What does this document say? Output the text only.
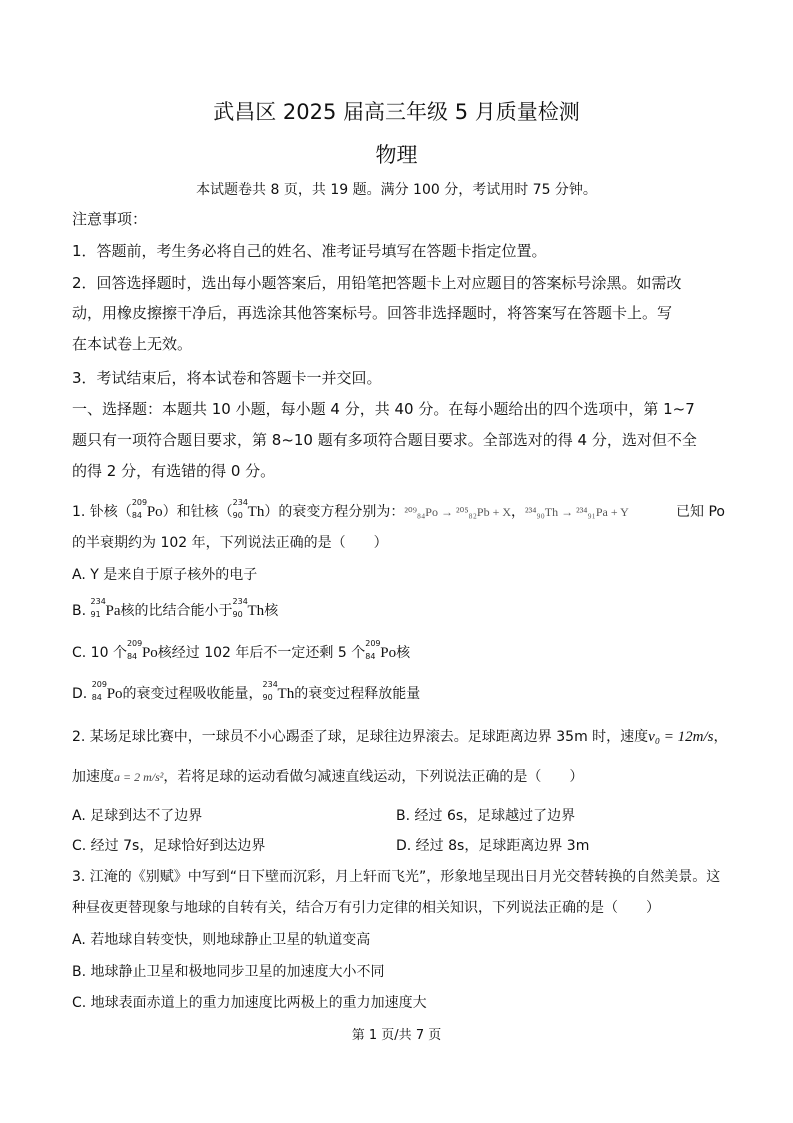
武昌区 2025 届高三年级 5 月质量检测
物理
本试题卷共 8 页，共 19 题。满分 100 分，考试用时 75 分钟。
注意事项：
1．答题前，考生务必将自己的姓名、准考证号填写在答题卡指定位置。
2．回答选择题时，选出每小题答案后，用铅笔把答题卡上对应题目的答案标号涂黑。如需改
动，用橡皮擦擦干净后，再选涂其他答案标号。回答非选择题时，将答案写在答题卡上。写
在本试卷上无效。
3．考试结束后，将本试卷和答题卡一并交回。
一、选择题：本题共 10 小题，每小题 4 分，共 40 分。在每小题给出的四个选项中，第 1~7
题只有一项符合题目要求，第 8~10 题有多项符合题目要求。全部选对的得 4 分，选对但不全
的得 2 分，有选错的得 0 分。
1. 钋核（
209
84 Po）和钍核（
234
90 Th）的衰变方程分别为：²⁰⁹₈₄Po → ²⁰⁵₈₂Pb + X，²³⁴₉₀Th → ²³⁴₉₁Pa + Y	已知 Po
的半衰期约为 102 年，下列说法正确的是（　　）
A. Y 是来自于原子核外的电子
B.
234
91 Pa核的比结合能小于
234
90 Th核
C. 10 个
209
84 Po核经过 102 年后不一定还剩 5 个
209
84 Po核
D.
209
84 Po的衰变过程吸收能量，
234
90 Th的衰变过程释放能量
2. 某场足球比赛中，一球员不小心踢歪了球，足球往边界滚去。足球距离边界 35m 时，速度v₀ = 12m/s，
加速度a = 2 m/s²，若将足球的运动看做匀减速直线运动，下列说法正确的是（　　）
A. 足球到达不了边界	B. 经过 6s，足球越过了边界
C. 经过 7s，足球恰好到达边界	D. 经过 8s，足球距离边界 3m
3. 江淹的《别赋》中写到“日下壁而沉彩，月上轩而飞光”，形象地呈现出日月光交替转换的自然美景。这
种昼夜更替现象与地球的自转有关，结合万有引力定律的相关知识，下列说法正确的是（　　）
A. 若地球自转变快，则地球静止卫星的轨道变高
B. 地球静止卫星和极地同步卫星的加速度大小不同
C. 地球表面赤道上的重力加速度比两极上的重力加速度大
第 1 页/共 7 页
